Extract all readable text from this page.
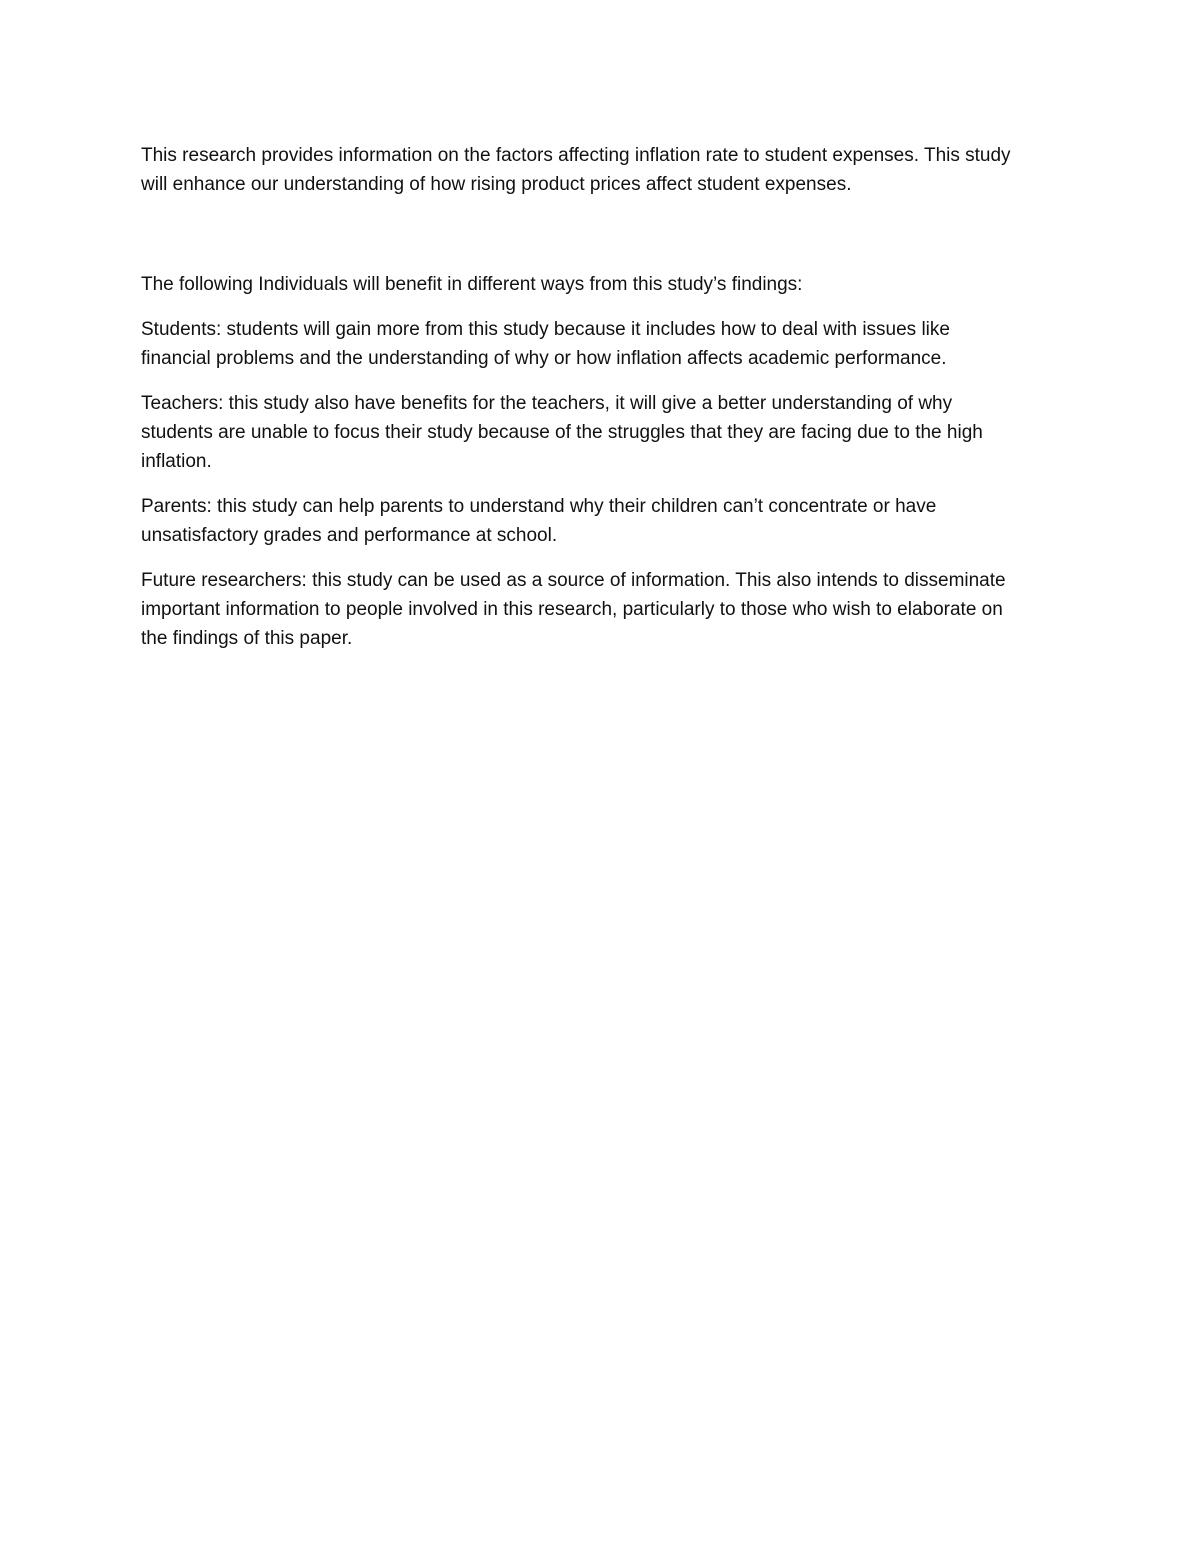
This research provides information on the factors affecting inflation rate to student expenses. This study
will enhance our understanding of how rising product prices affect student expenses.

The following Individuals will benefit in different ways from this study’s findings:

Students: students will gain more from this study because it includes how to deal with issues like
financial problems and the understanding of why or how inflation affects academic performance.

Teachers: this study also have benefits for the teachers, it will give a better understanding of why
students are unable to focus their study because of the struggles that they are facing due to the high
inflation.

Parents: this study can help parents to understand why their children can’t concentrate or have
unsatisfactory grades and performance at school.

Future researchers: this study can be used as a source of information. This also intends to disseminate
important information to people involved in this research, particularly to those who wish to elaborate on
the findings of this paper.
